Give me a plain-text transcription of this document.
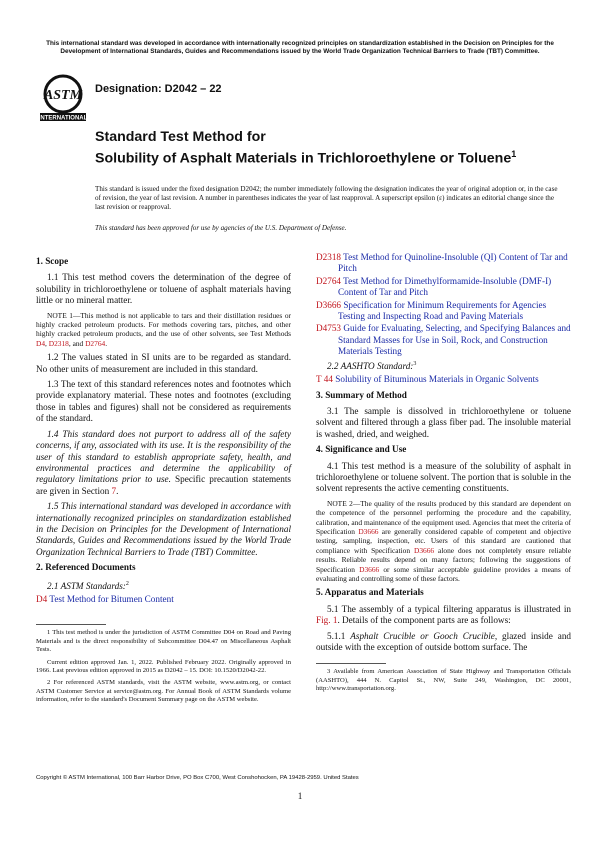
This international standard was developed in accordance with internationally recognized principles on standardization established in the Decision on Principles for the Development of International Standards, Guides and Recommendations issued by the World Trade Organization Technical Barriers to Trade (TBT) Committee.
ASTM
INTERNATIONAL
Designation: D2042 – 22
Standard Test Method for
Solubility of Asphalt Materials in Trichloroethylene or Toluene$^1$
This standard is issued under the fixed designation D2042; the number immediately following the designation indicates the year of original adoption or, in the case of revision, the year of last revision. A number in parentheses indicates the year of last reapproval. A superscript epsilon (ε) indicates an editorial change since the last revision or reapproval.
This standard has been approved for use by agencies of the U.S. Department of Defense.
1. Scope

1.1 This test method covers the determination of the degree of solubility in trichloroethylene or toluene of asphalt materials having little or no mineral matter.

NOTE 1—This method is not applicable to tars and their distillation residues or highly cracked petroleum products. For methods covering tars, pitches, and other highly cracked petroleum products, and the use of other solvents, see Test Methods D4, D2318, and D2764.

1.2 The values stated in SI units are to be regarded as standard. No other units of measurement are included in this standard.

1.3 The text of this standard references notes and footnotes which provide explanatory material. These notes and footnotes (excluding those in tables and figures) shall not be considered as requirements of the standard.

1.4 This standard does not purport to address all of the safety concerns, if any, associated with its use. It is the responsibility of the user of this standard to establish appropriate safety, health, and environmental practices and determine the applicability of regulatory limitations prior to use. Specific precaution statements are given in Section 7.

1.5 This international standard was developed in accordance with internationally recognized principles on standardization established in the Decision on Principles for the Development of International Standards, Guides and Recommendations issued by the World Trade Organization Technical Barriers to Trade (TBT) Committee.

2. Referenced Documents
2.1 ASTM Standards:$^2$
D4 Test Method for Bitumen Content

1 This test method is under the jurisdiction of ASTM Committee D04 on Road and Paving Materials and is the direct responsibility of Subcommittee D04.47 on Miscellaneous Asphalt Tests.

Current edition approved Jan. 1, 2022. Published February 2022. Originally approved in 1966. Last previous edition approved in 2015 as D2042 – 15. DOI: 10.1520/D2042-22.

2 For referenced ASTM standards, visit the ASTM website, www.astm.org, or contact ASTM Customer Service at service@astm.org. For Annual Book of ASTM Standards volume information, refer to the standard's Document Summary page on the ASTM website.

D2318 Test Method for Quinoline-Insoluble (QI) Content of Tar and Pitch
D2764 Test Method for Dimethylformamide-Insoluble (DMF-I) Content of Tar and Pitch
D3666 Specification for Minimum Requirements for Agencies Testing and Inspecting Road and Paving Materials
D4753 Guide for Evaluating, Selecting, and Specifying Balances and Standard Masses for Use in Soil, Rock, and Construction Materials Testing
2.2 AASHTO Standard:$^3$
T 44 Solubility of Bituminous Materials in Organic Solvents
3. Summary of Method

3.1 The sample is dissolved in trichloroethylene or toluene solvent and filtered through a glass fiber pad. The insoluble material is washed, dried, and weighed.

4. Significance and Use

4.1 This test method is a measure of the solubility of asphalt in trichloroethylene or toluene solvent. The portion that is soluble in the solvent represents the active cementing constituents.

NOTE 2—The quality of the results produced by this standard are dependent on the competence of the personnel performing the procedure and the capability, calibration, and maintenance of the equipment used. Agencies that meet the criteria of Specification D3666 are generally considered capable of competent and objective testing, sampling, inspection, etc. Users of this standard are cautioned that compliance with Specification D3666 alone does not completely ensure reliable results. Reliable results depend on many factors; following the suggestions of Specification D3666 or some similar acceptable guideline provides a means of evaluating and controlling some of these factors.

5. Apparatus and Materials

5.1 The assembly of a typical filtering apparatus is illustrated in Fig. 1. Details of the component parts are as follows:

5.1.1 Asphalt Crucible or Gooch Crucible, glazed inside and outside with the exception of outside bottom surface. The

3 Available from American Association of State Highway and Transportation Officials (AASHTO), 444 N. Capitol St., NW, Suite 249, Washington, DC 20001, http://www.transportation.org.

Copyright © ASTM International, 100 Barr Harbor Drive, PO Box C700, West Conshohocken, PA 19428-2959. United States
1
